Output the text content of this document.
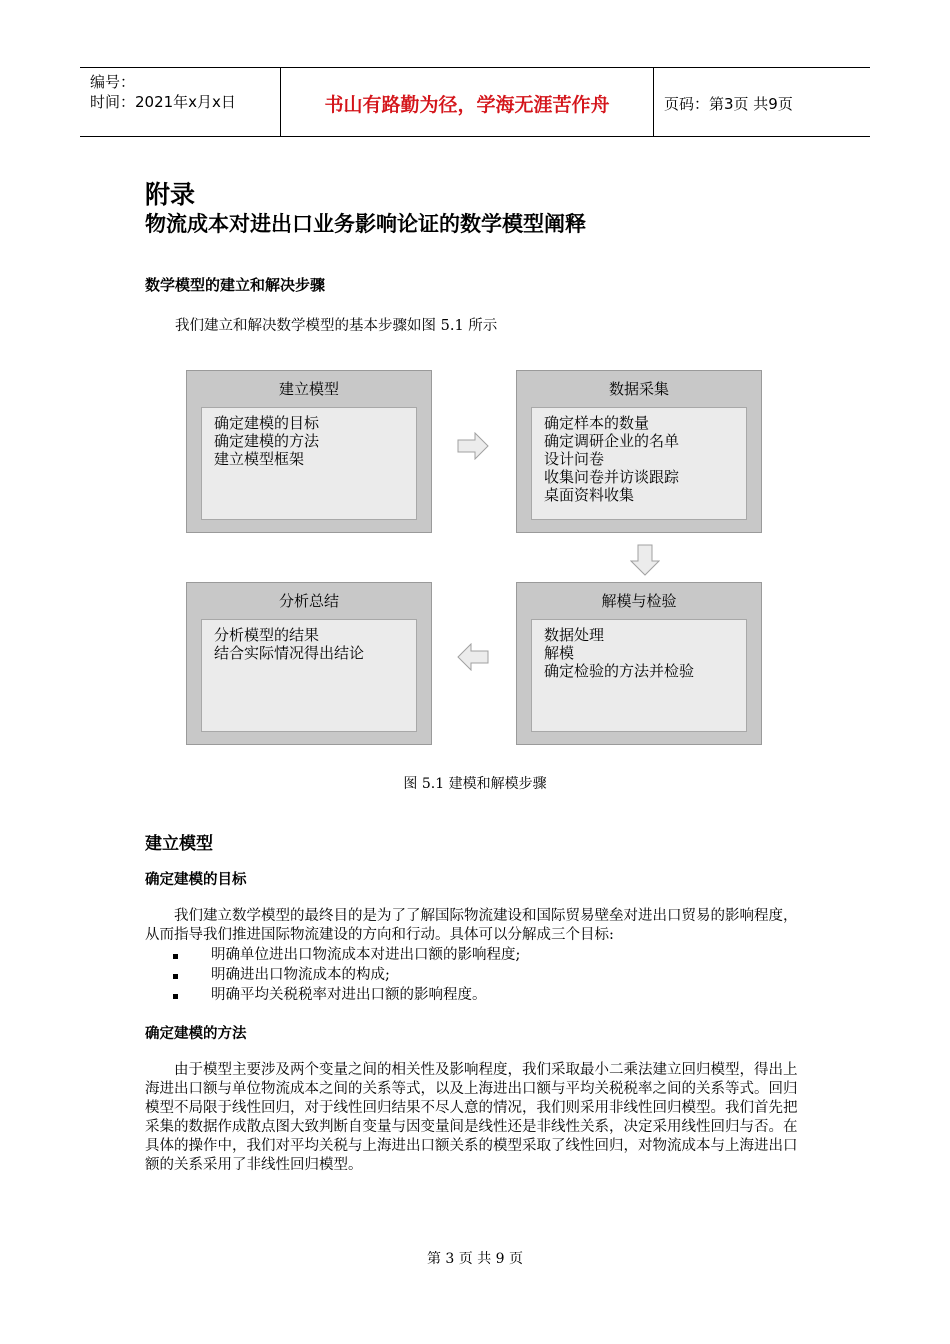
编号：
时间：2021年x月x日	书山有路勤为径，学海无涯苦作舟	页码：第3页 共9页
附录
物流成本对进出口业务影响论证的数学模型阐释
数学模型的建立和解决步骤
我们建立和解决数学模型的基本步骤如图 5.1 所示
建立模型
确定建模的目标
确定建模的方法
建立模型框架
数据采集
确定样本的数量
确定调研企业的名单
设计问卷
收集问卷并访谈跟踪
桌面资料收集
分析总结
分析模型的结果
结合实际情况得出结论
解模与检验
数据处理
解模
确定检验的方法并检验
图 5.1 建模和解模步骤
建立模型
确定建模的目标
我们建立数学模型的最终目的是为了了解国际物流建设和国际贸易壁垒对进出口贸易的影响程度，从而指导我们推进国际物流建设的方向和行动。具体可以分解成三个目标:
明确单位进出口物流成本对进出口额的影响程度;
明确进出口物流成本的构成;
明确平均关税税率对进出口额的影响程度。
确定建模的方法
由于模型主要涉及两个变量之间的相关性及影响程度，我们采取最小二乘法建立回归模型，得出上海进出口额与单位物流成本之间的关系等式，以及上海进出口额与平均关税税率之间的关系等式。回归模型不局限于线性回归，对于线性回归结果不尽人意的情况，我们则采用非线性回归模型。我们首先把采集的数据作成散点图大致判断自变量与因变量间是线性还是非线性关系，决定采用线性回归与否。在具体的操作中，我们对平均关税与上海进出口额关系的模型采取了线性回归，对物流成本与上海进出口额的关系采用了非线性回归模型。
第 3 页 共 9 页
